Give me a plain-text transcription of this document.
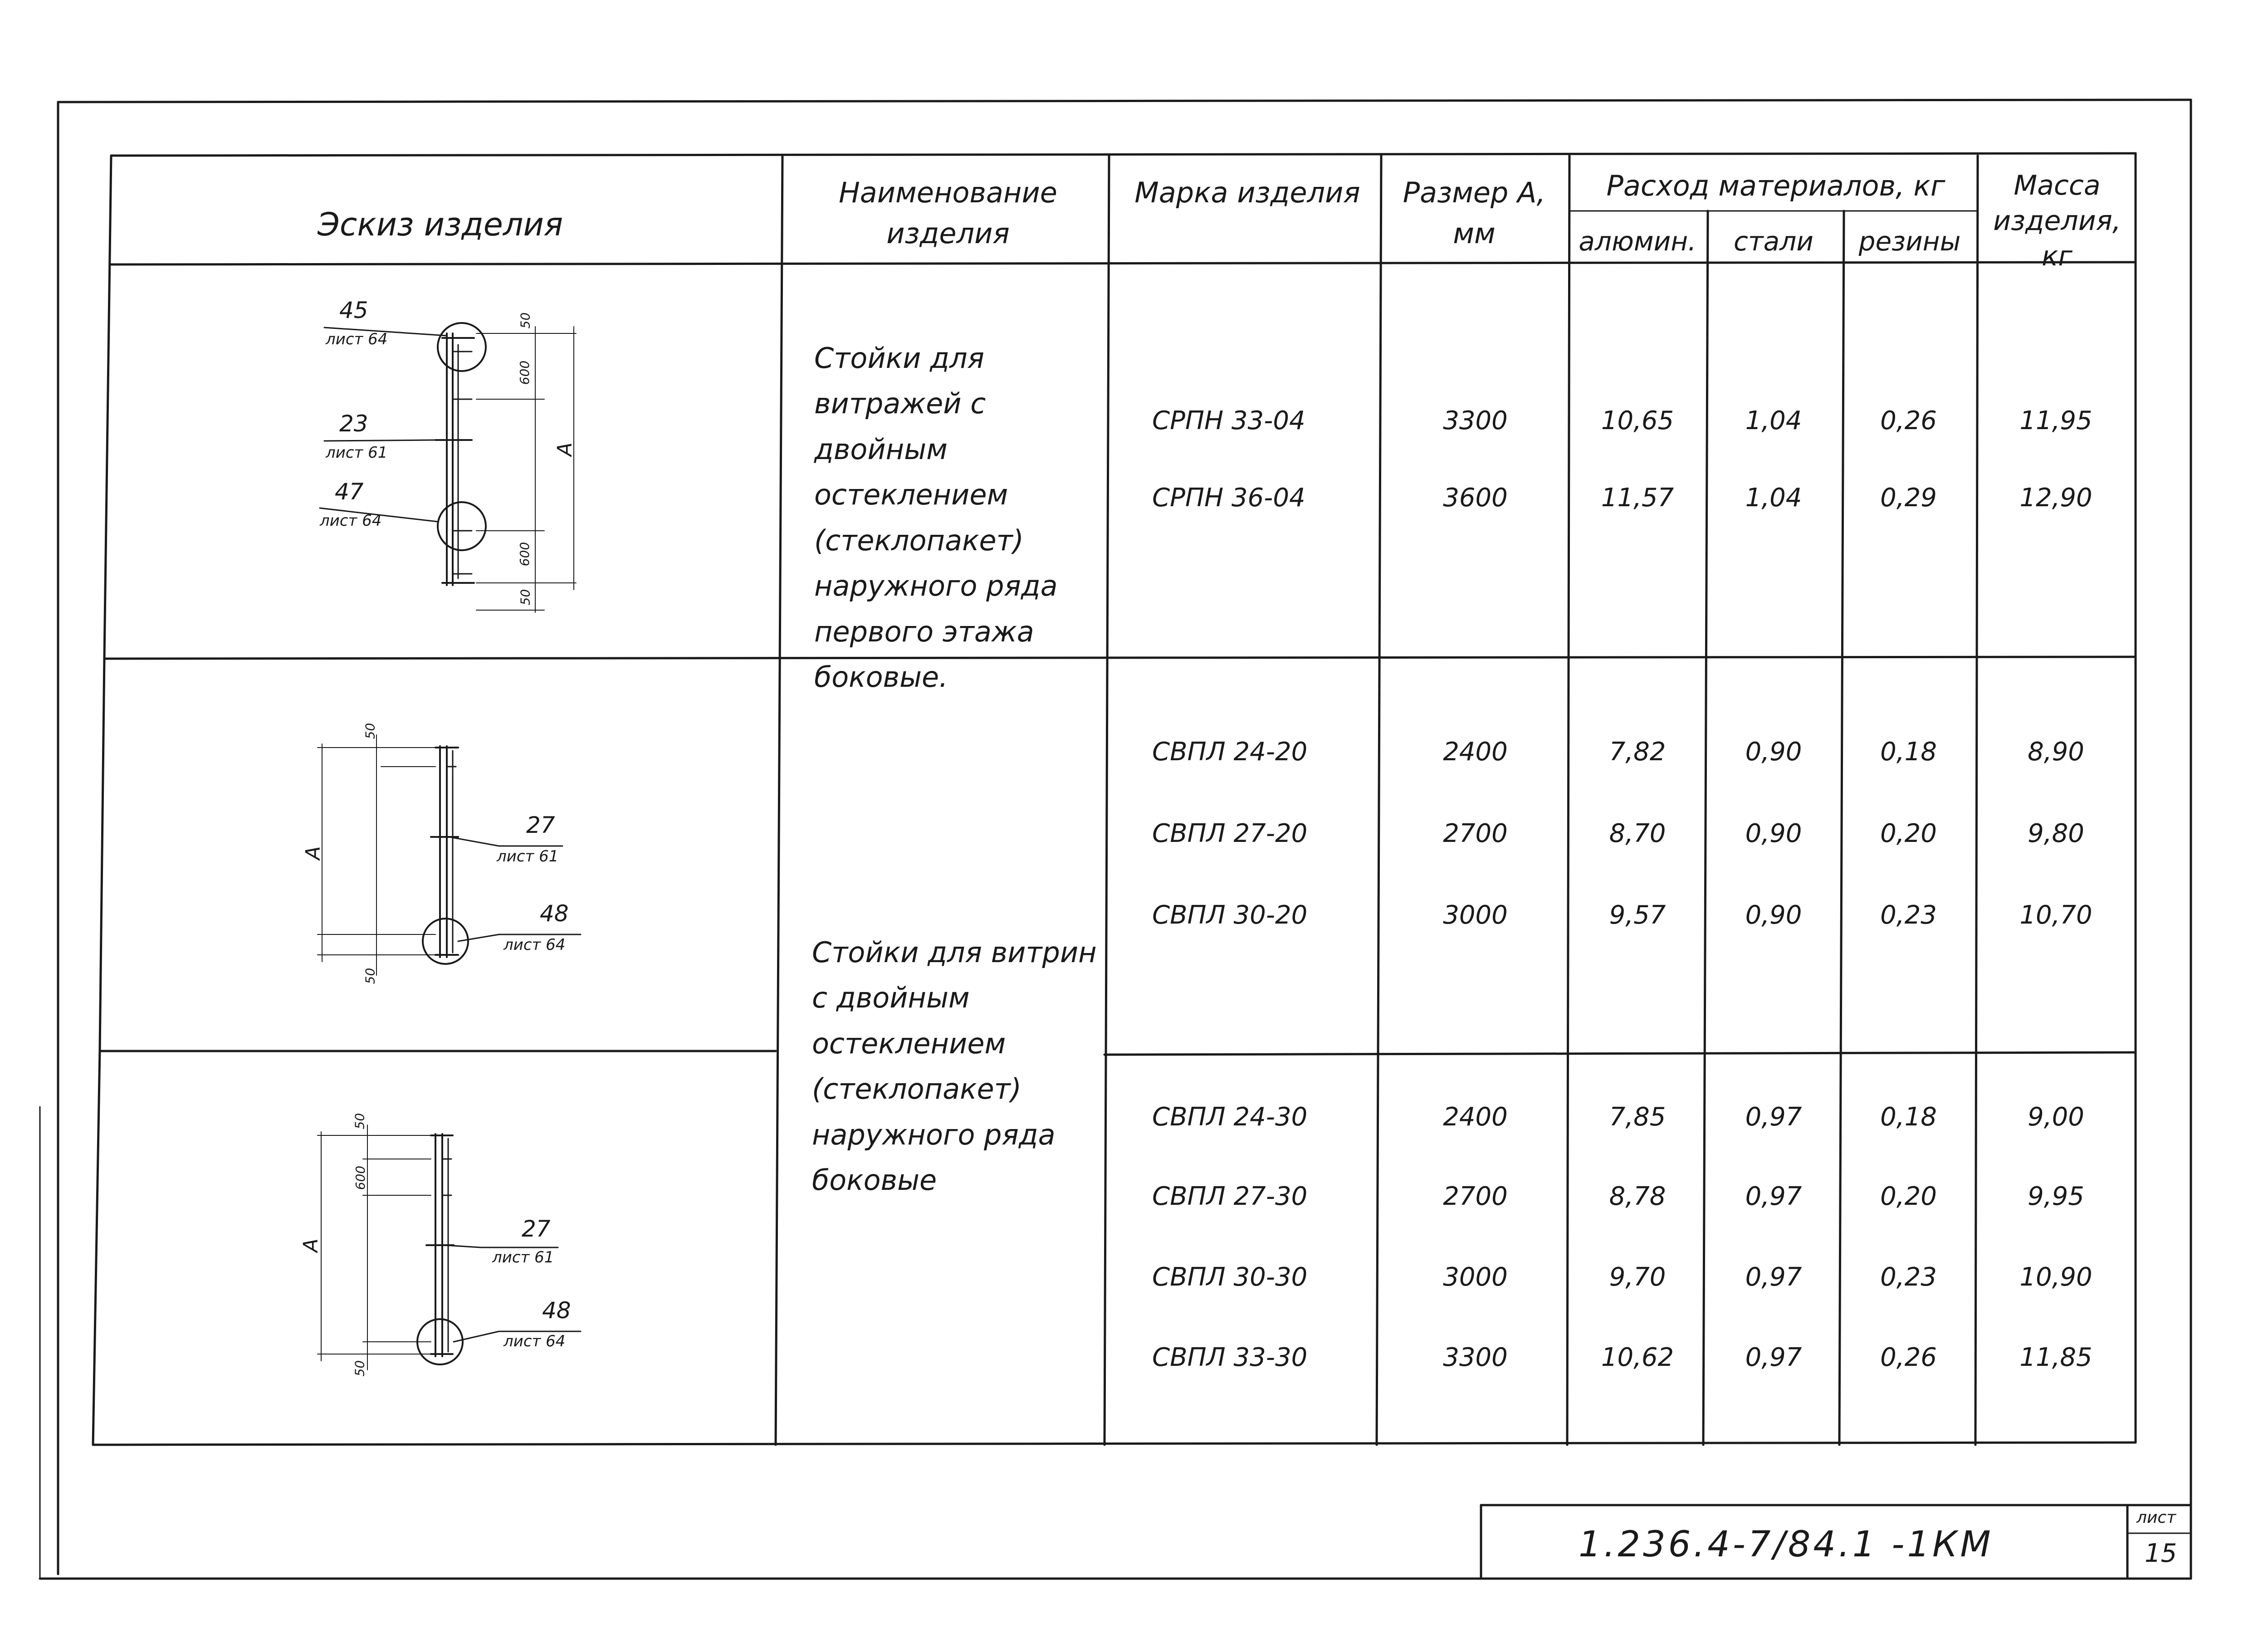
Эскиз изделия
Наименование изделия
Марка изделия	Размер А, мм
Расход материалов, кг
алюмин.	стали	резины
Масса изделия, кг
Стойки для витражей с двойным остеклением (стеклопакет) наружного ряда первого этажа боковые.
Стойки для витрин с двойным остеклением (стеклопакет) наружного ряда боковые
СРПН 33-04	3300	10,65	1,04	0,26	11,95
СРПН 36-04	3600	11,57	1,04	0,29	12,90
СВПЛ 24-20	2400	7,82	0,90	0,18	8,90
СВПЛ 27-20	2700	8,70	0,90	0,20	9,80
СВПЛ 30-20	3000	9,57	0,90	0,23	10,70
СВПЛ 24-30	2400	7,85	0,97	0,18	9,00
СВПЛ 27-30	2700	8,78	0,97	0,20	9,95
СВПЛ 30-30	3000	9,70	0,97	0,23	10,90
СВПЛ 33-30	3300	10,62	0,97	0,26	11,85
45
лист 64
23
лист 61
47
лист 64
50
600
600
50
А
50
А
27
лист 61
48
лист 64
50
50
600
А
27
лист 61
48
лист 64
50
1.236.4-7/84.1 -1КМ
лист
15
